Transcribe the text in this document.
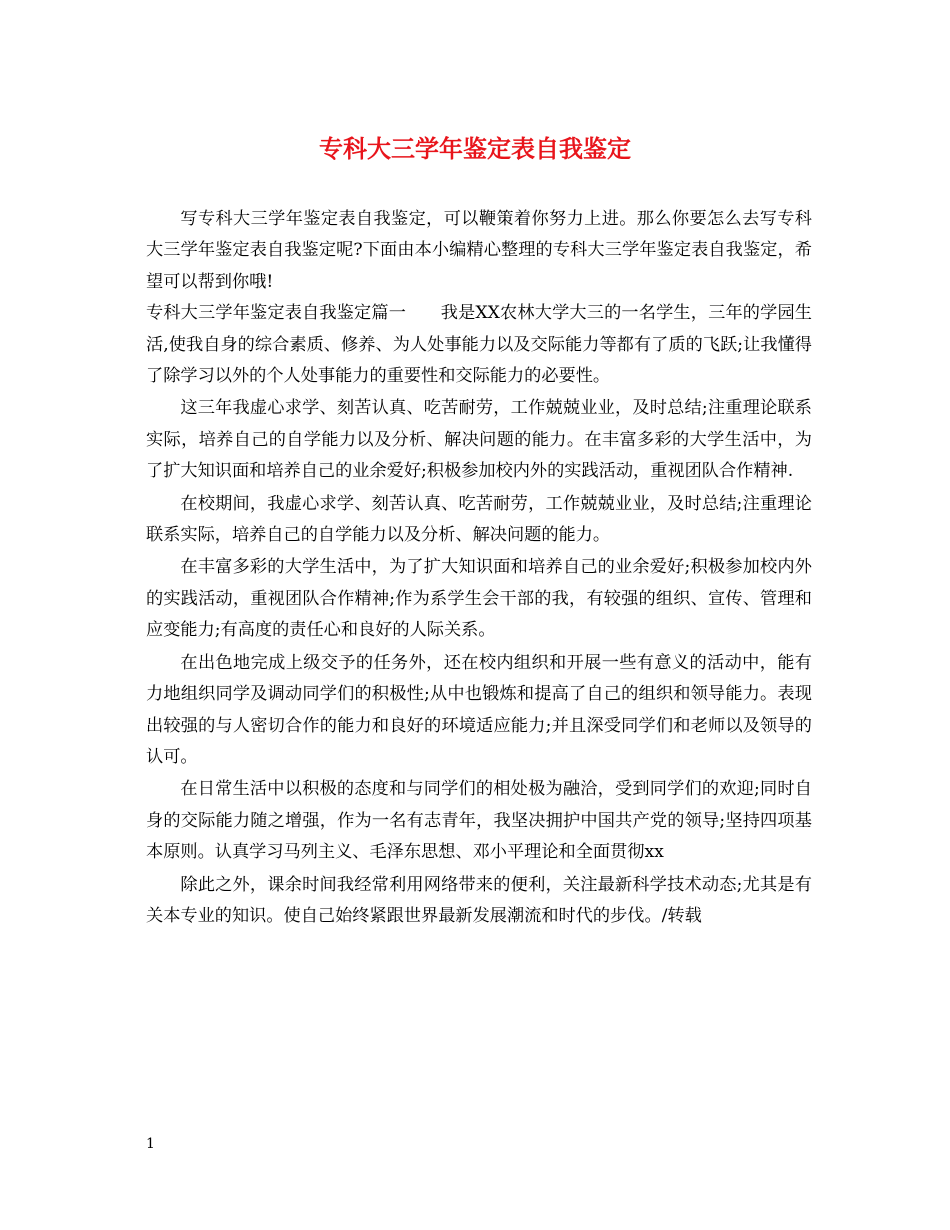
专科大三学年鉴定表自我鉴定

写专科大三学年鉴定表自我鉴定，可以鞭策着你努力上进。那么你要怎么去写专科大三学年鉴定表自我鉴定呢?下面由本小编精心整理的专科大三学年鉴定表自我鉴定，希望可以帮到你哦!

专科大三学年鉴定表自我鉴定篇一　　我是XX农林大学大三的一名学生，三年的学园生活,使我自身的综合素质、修养、为人处事能力以及交际能力等都有了质的飞跃;让我懂得了除学习以外的个人处事能力的重要性和交际能力的必要性。

这三年我虚心求学、刻苦认真、吃苦耐劳，工作兢兢业业，及时总结;注重理论联系实际，培养自己的自学能力以及分析、解决问题的能力。在丰富多彩的大学生活中，为了扩大知识面和培养自己的业余爱好;积极参加校内外的实践活动，重视团队合作精神.

在校期间，我虚心求学、刻苦认真、吃苦耐劳，工作兢兢业业，及时总结;注重理论联系实际，培养自己的自学能力以及分析、解决问题的能力。

在丰富多彩的大学生活中，为了扩大知识面和培养自己的业余爱好;积极参加校内外的实践活动，重视团队合作精神;作为系学生会干部的我，有较强的组织、宣传、管理和应变能力;有高度的责任心和良好的人际关系。

在出色地完成上级交予的任务外，还在校内组织和开展一些有意义的活动中，能有力地组织同学及调动同学们的积极性;从中也锻炼和提高了自己的组织和领导能力。表现出较强的与人密切合作的能力和良好的环境适应能力;并且深受同学们和老师以及领导的认可。

在日常生活中以积极的态度和与同学们的相处极为融洽，受到同学们的欢迎;同时自身的交际能力随之增强，作为一名有志青年，我坚决拥护中国共产党的领导;坚持四项基本原则。认真学习马列主义、毛泽东思想、邓小平理论和全面贯彻xx

除此之外，课余时间我经常利用网络带来的便利，关注最新科学技术动态;尤其是有关本专业的知识。使自己始终紧跟世界最新发展潮流和时代的步伐。/转载

1
